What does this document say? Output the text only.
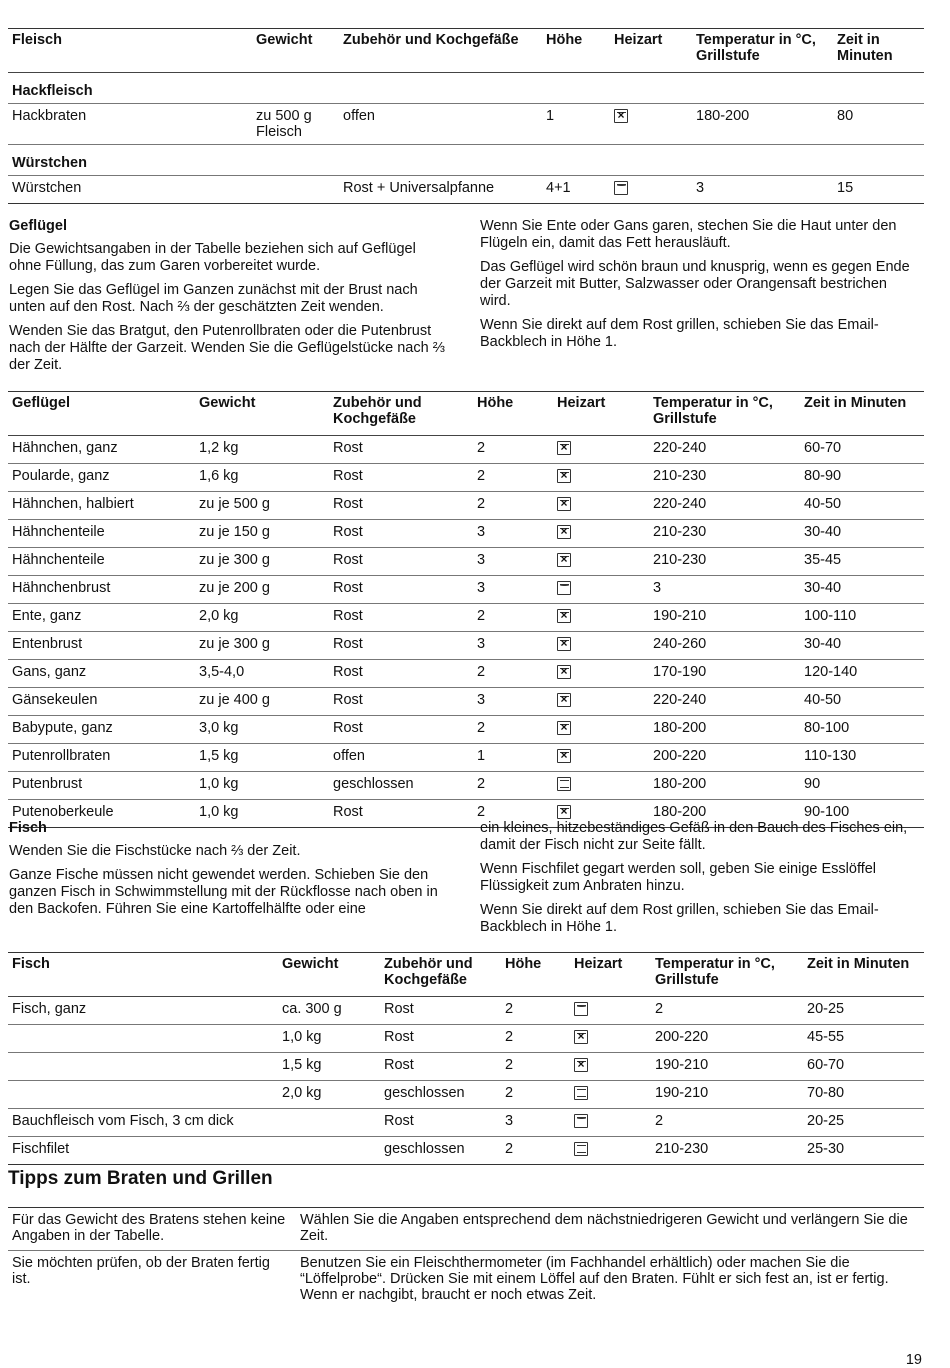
Fleisch	Gewicht	Zubehör und Kochgefäße	Höhe	Heizart	Temperatur in °C, Grillstufe	Zeit in Minuten
Hackfleisch						
Hackbraten	zu 500 g Fleisch	offen	1	×	180-200	80
Würstchen						
Würstchen		Rost + Universalpfanne	4+1		3	15
Geflügel

Die Gewichtsangaben in der Tabelle beziehen sich auf Geflügel ohne Füllung, das zum Garen vorbereitet wurde.

Legen Sie das Geflügel im Ganzen zunächst mit der Brust nach unten auf den Rost. Nach ⅔ der geschätzten Zeit wenden.

Wenden Sie das Bratgut, den Putenrollbraten oder die Putenbrust nach der Hälfte der Garzeit. Wenden Sie die Geflügelstücke nach ⅔ der Zeit.

Wenn Sie Ente oder Gans garen, stechen Sie die Haut unter den Flügeln ein, damit das Fett herausläuft.

Das Geflügel wird schön braun und knusprig, wenn es gegen Ende der Garzeit mit Butter, Salzwasser oder Orangensaft bestrichen wird.

Wenn Sie direkt auf dem Rost grillen, schieben Sie das Email-Backblech in Höhe 1.

Geflügel	Gewicht	Zubehör und Kochgefäße	Höhe	Heizart	Temperatur in °C, Grillstufe	Zeit in Minuten
Hähnchen, ganz	1,2 kg	Rost	2	×	220-240	60-70
Poularde, ganz	1,6 kg	Rost	2	×	210-230	80-90
Hähnchen, halbiert	zu je 500 g	Rost	2	×	220-240	40-50
Hähnchenteile	zu je 150 g	Rost	3	×	210-230	30-40
Hähnchenteile	zu je 300 g	Rost	3	×	210-230	35-45
Hähnchenbrust	zu je 200 g	Rost	3		3	30-40
Ente, ganz	2,0 kg	Rost	2	×	190-210	100-110
Entenbrust	zu je 300 g	Rost	3	×	240-260	30-40
Gans, ganz	3,5-4,0	Rost	2	×	170-190	120-140
Gänsekeulen	zu je 400 g	Rost	3	×	220-240	40-50
Babypute, ganz	3,0 kg	Rost	2	×	180-200	80-100
Putenrollbraten	1,5 kg	offen	1	×	200-220	110-130
Putenbrust	1,0 kg	geschlossen	2		180-200	90
Putenoberkeule	1,0 kg	Rost	2	×	180-200	90-100
Fisch

Wenden Sie die Fischstücke nach ⅔ der Zeit.

Ganze Fische müssen nicht gewendet werden. Schieben Sie den ganzen Fisch in Schwimmstellung mit der Rückflosse nach oben in den Backofen. Führen Sie eine Kartoffelhälfte oder eine

ein kleines, hitzebeständiges Gefäß in den Bauch des Fisches ein, damit der Fisch nicht zur Seite fällt.

Wenn Fischfilet gegart werden soll, geben Sie einige Esslöffel Flüssigkeit zum Anbraten hinzu.

Wenn Sie direkt auf dem Rost grillen, schieben Sie das Email-Backblech in Höhe 1.

Fisch	Gewicht	Zubehör und Kochgefäße	Höhe	Heizart	Temperatur in °C, Grillstufe	Zeit in Minuten
Fisch, ganz	ca. 300 g	Rost	2		2	20-25
	1,0 kg	Rost	2	×	200-220	45-55
	1,5 kg	Rost	2	×	190-210	60-70
	2,0 kg	geschlossen	2		190-210	70-80
Bauchfleisch vom Fisch, 3 cm dick		Rost	3		2	20-25
Fischfilet		geschlossen	2		210-230	25-30
Tipps zum Braten und Grillen
Für das Gewicht des Bratens stehen keine Angaben in der Tabelle.	Wählen Sie die Angaben entsprechend dem nächstniedrigeren Gewicht und verlängern Sie die Zeit.
Sie möchten prüfen, ob der Braten fertig ist.	Benutzen Sie ein Fleischthermometer (im Fachhandel erhältlich) oder machen Sie die “Löffelprobe“. Drücken Sie mit einem Löffel auf den Braten. Fühlt er sich fest an, ist er fertig. Wenn er nachgibt, braucht er noch etwas Zeit.
19
